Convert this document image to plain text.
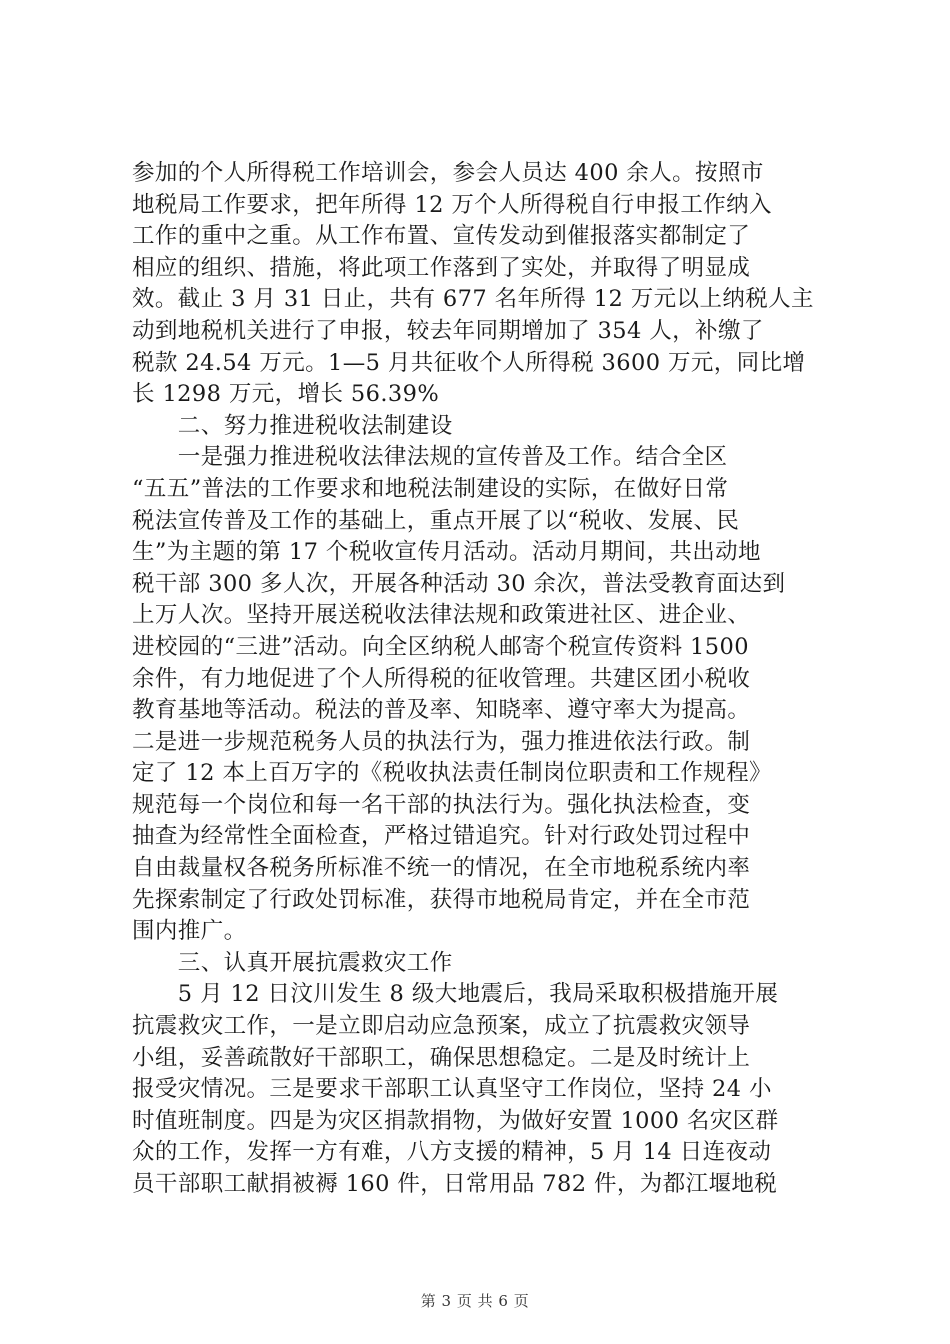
参加的个人所得税工作培训会，参会人员达 400 余人。按照市
地税局工作要求，把年所得 12 万个人所得税自行申报工作纳入
工作的重中之重。从工作布置、宣传发动到催报落实都制定了
相应的组织、措施，将此项工作落到了实处，并取得了明显成
效。截止 3 月 31 日止，共有 677 名年所得 12 万元以上纳税人主
动到地税机关进行了申报，较去年同期增加了 354 人，补缴了
税款 24.54 万元。1—5 月共征收个人所得税 3600 万元，同比增
长 1298 万元，增长 56.39%
　　二、努力推进税收法制建设
　　一是强力推进税收法律法规的宣传普及工作。结合全区
“五五”普法的工作要求和地税法制建设的实际，在做好日常
税法宣传普及工作的基础上，重点开展了以“税收、发展、民
生”为主题的第 17 个税收宣传月活动。活动月期间，共出动地
税干部 300 多人次，开展各种活动 30 余次，普法受教育面达到
上万人次。坚持开展送税收法律法规和政策进社区、进企业、
进校园的“三进”活动。向全区纳税人邮寄个税宣传资料 1500
余件，有力地促进了个人所得税的征收管理。共建区团小税收
教育基地等活动。税法的普及率、知晓率、遵守率大为提高。
二是进一步规范税务人员的执法行为，强力推进依法行政。制
定了 12 本上百万字的《税收执法责任制岗位职责和工作规程》
规范每一个岗位和每一名干部的执法行为。强化执法检查，变
抽查为经常性全面检查，严格过错追究。针对行政处罚过程中
自由裁量权各税务所标准不统一的情况，在全市地税系统内率
先探索制定了行政处罚标准，获得市地税局肯定，并在全市范
围内推广。
　　三、认真开展抗震救灾工作
　　5 月 12 日汶川发生 8 级大地震后，我局采取积极措施开展
抗震救灾工作，一是立即启动应急预案，成立了抗震救灾领导
小组，妥善疏散好干部职工，确保思想稳定。二是及时统计上
报受灾情况。三是要求干部职工认真坚守工作岗位，坚持 24 小
时值班制度。四是为灾区捐款捐物，为做好安置 1000 名灾区群
众的工作，发挥一方有难，八方支援的精神，5 月 14 日连夜动
员干部职工献捐被褥 160 件，日常用品 782 件，为都江堰地税
第 3 页 共 6 页
